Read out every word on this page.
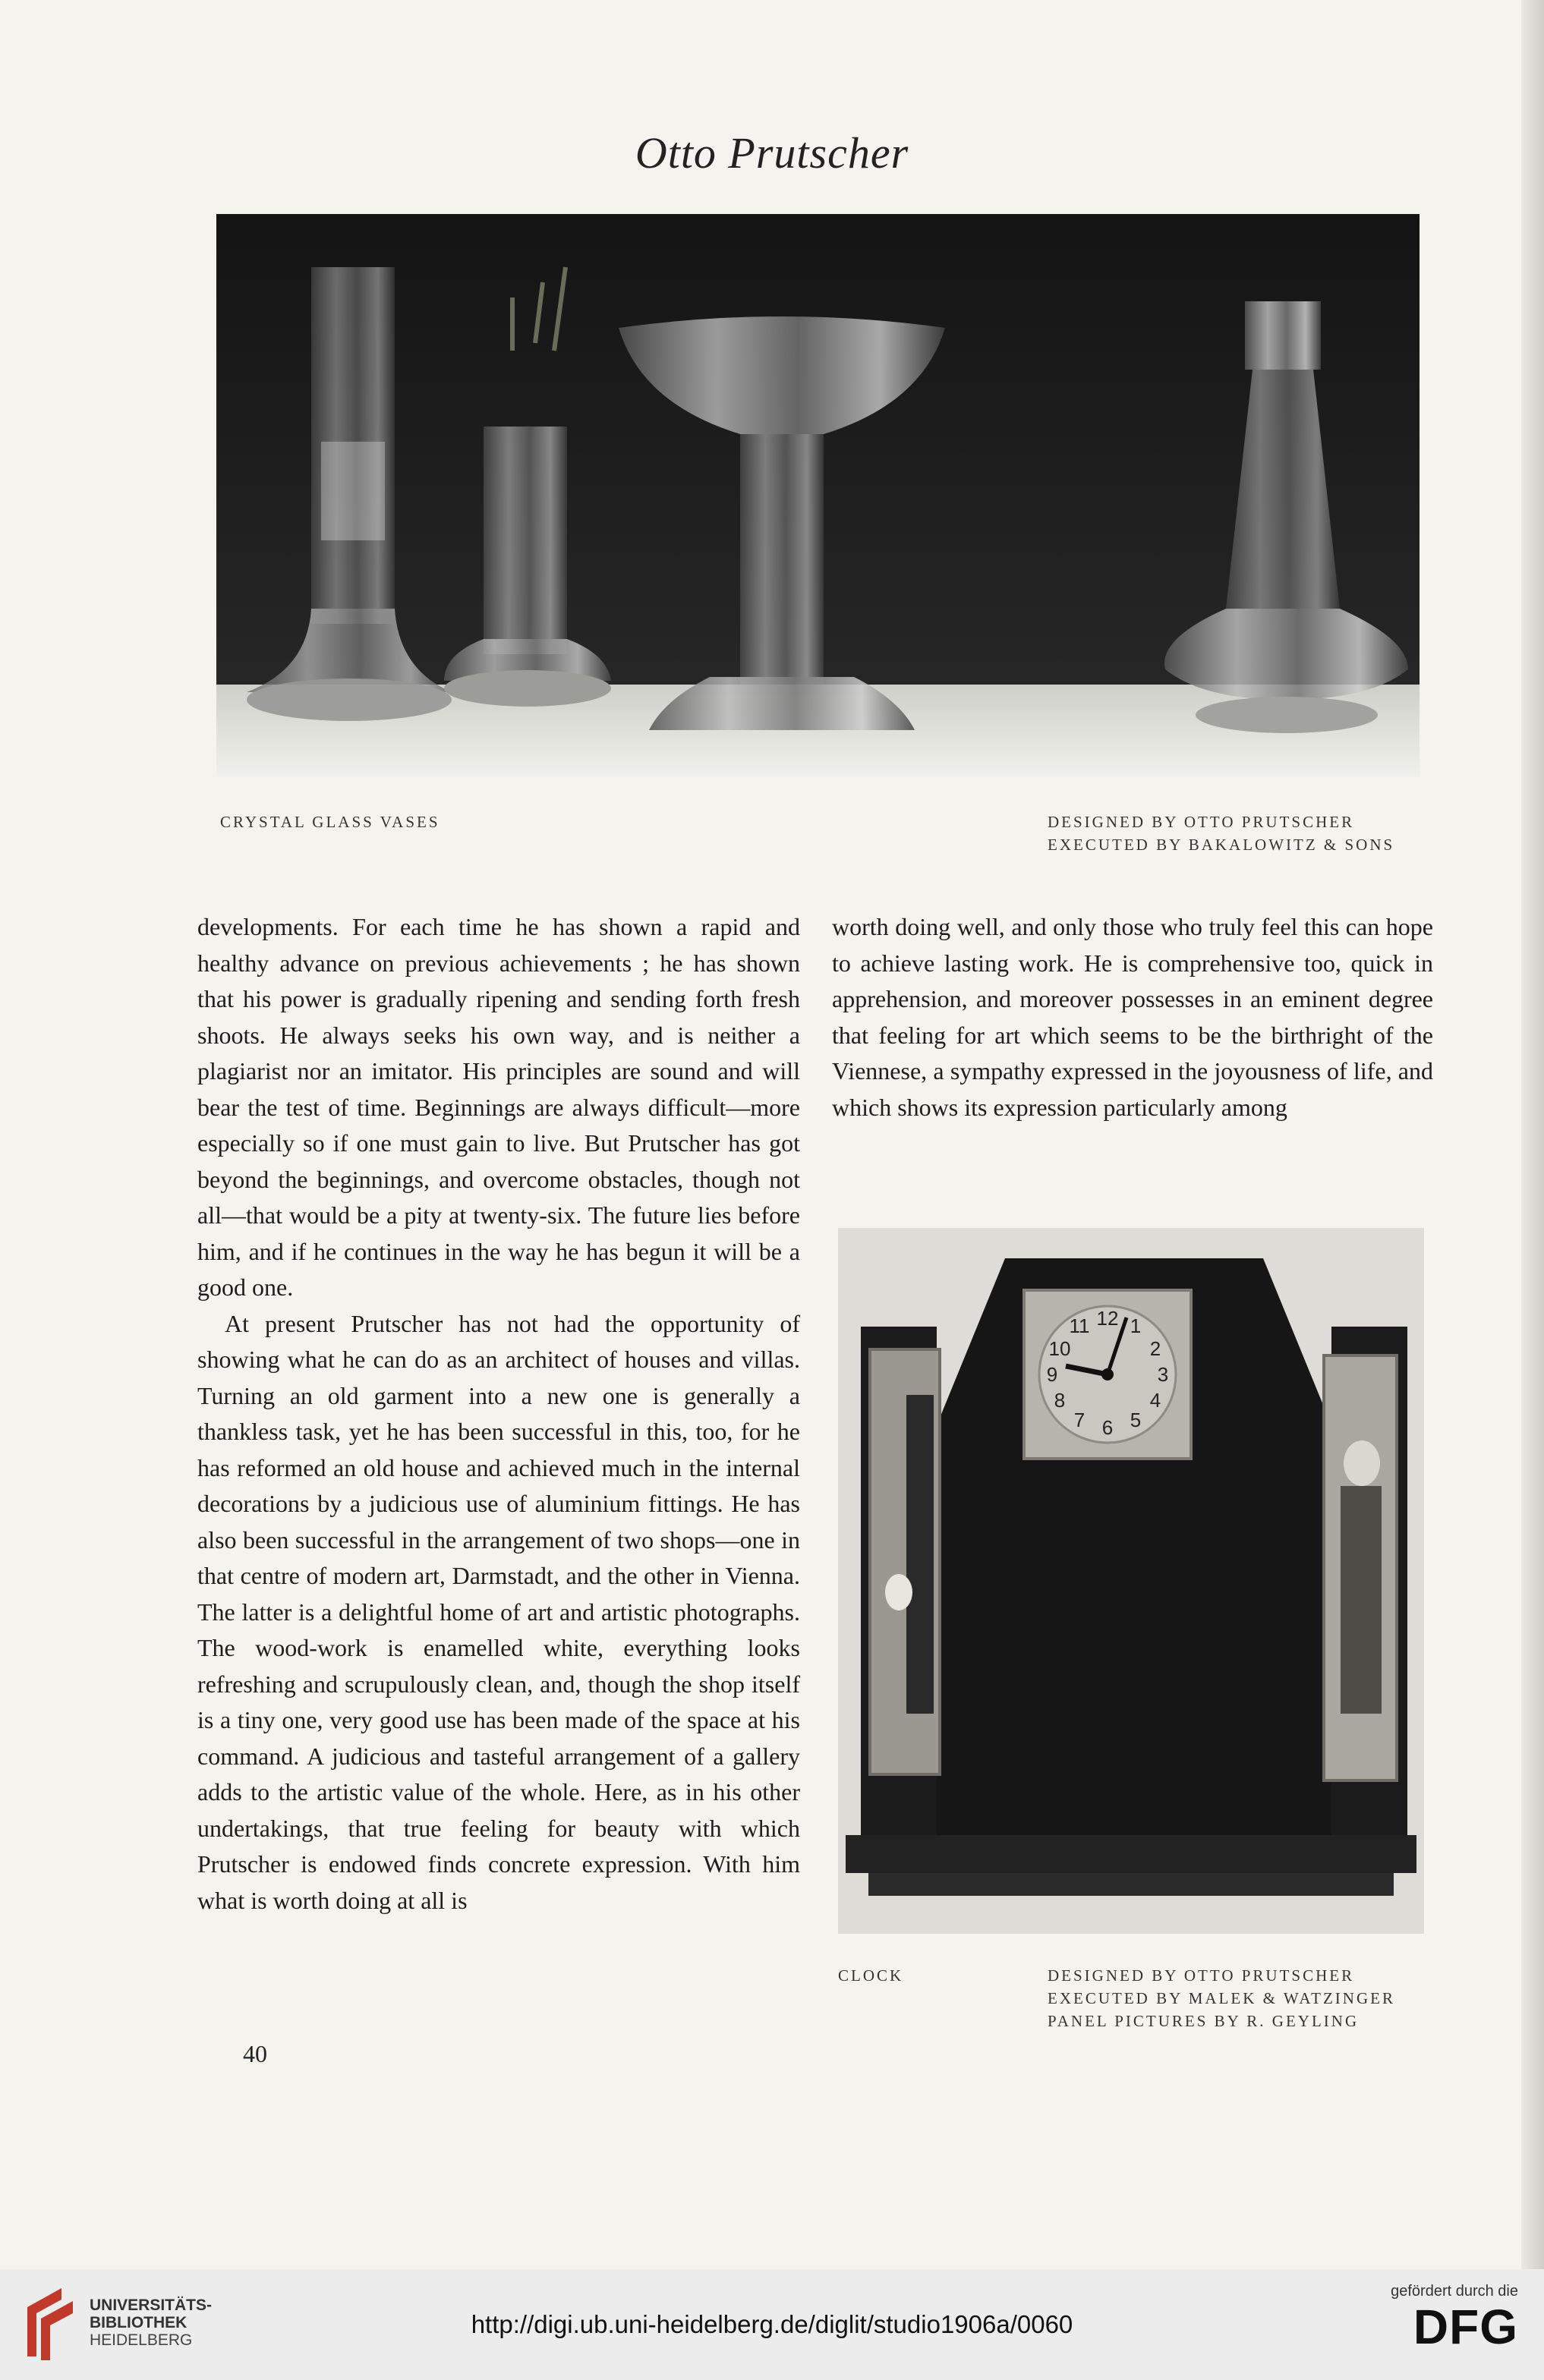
Otto Prutscher
CRYSTAL GLASS VASES	DESIGNED BY OTTO PRUTSCHER
EXECUTED BY BAKALOWITZ & SONS

developments. For each time he has shown a rapid and healthy advance on previous achievements ; he has shown that his power is gradually ripening and sending forth fresh shoots. He always seeks his own way, and is neither a plagiarist nor an imitator. His principles are sound and will bear the test of time. Beginnings are always difficult—more especially so if one must gain to live. But Prutscher has got beyond the beginnings, and overcome obstacles, though not all—that would be a pity at twenty-six. The future lies before him, and if he continues in the way he has begun it will be a good one.

At present Prutscher has not had the opportunity of showing what he can do as an architect of houses and villas. Turning an old garment into a new one is generally a thankless task, yet he has been successful in this, too, for he has reformed an old house and achieved much in the internal decorations by a judicious use of aluminium fittings. He has also been successful in the arrangement of two shops—one in that centre of modern art, Darmstadt, and the other in Vienna. The latter is a delightful home of art and artistic photographs. The wood-work is enamelled white, everything looks refreshing and scrupulously clean, and, though the shop itself is a tiny one, very good use has been made of the space at his command. A judicious and tasteful arrangement of a gallery adds to the artistic value of the whole. Here, as in his other undertakings, that true feeling for beauty with which Prutscher is endowed finds concrete expression. With him what is worth doing at all is

worth doing well, and only those who truly feel this can hope to achieve lasting work. He is comprehensive too, quick in apprehension, and moreover possesses in an eminent degree that feeling for art which seems to be the birthright of the Viennese, a sympathy expressed in the joyousness of life, and which shows its expression particularly among

12 1
2
3
4
5
6
7
8
9
10
11
CLOCK	DESIGNED BY OTTO PRUTSCHER
EXECUTED BY MALEK & WATZINGER
PANEL PICTURES BY R. GEYLING
40
UNIVERSITÄTS-
BIBLIOTHEK
HEIDELBERG
http://digi.ub.uni-heidelberg.de/diglit/studio1906a/0060
gefördert durch die
DFG
